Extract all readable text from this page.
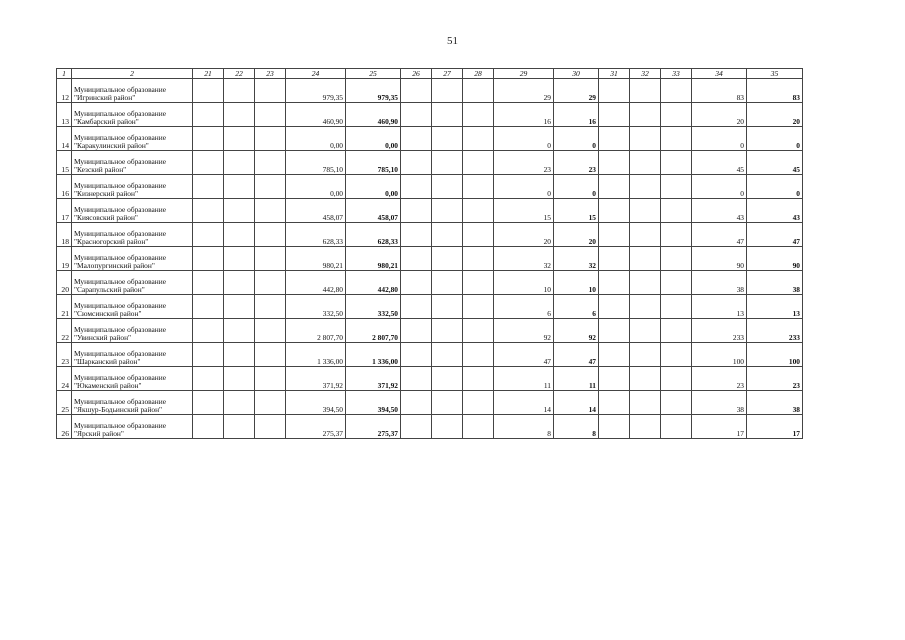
51
1	2	21	22	23	24	25	26	27	28	29	30	31	32	33	34	35
12	Муниципальное образование
"Игринский район"				979,35	979,35				29	29				83	83
13	Муниципальное образование
"Камбарский район"				460,90	460,90				16	16				20	20
14	Муниципальное образование
"Каракулинский район"				0,00	0,00				0	0				0	0
15	Муниципальное образование
"Кезский район"				785,10	785,10				23	23				45	45
16	Муниципальное образование
"Кизнерский район"				0,00	0,00				0	0				0	0
17	Муниципальное образование
"Киясовский район"				458,07	458,07				15	15				43	43
18	Муниципальное образование
"Красногорский район"				628,33	628,33				20	20				47	47
19	Муниципальное образование
"Малопургинский район"				980,21	980,21				32	32				90	90
20	Муниципальное образование
"Сарапульский район"				442,80	442,80				10	10				38	38
21	Муниципальное образование
"Сюмсинский район"				332,50	332,50				6	6				13	13
22	Муниципальное образование
"Увинский район"				2 807,70	2 807,70				92	92				233	233
23	Муниципальное образование
"Шарканский район"				1 336,00	1 336,00				47	47				100	100
24	Муниципальное образование
"Юкаменский район"				371,92	371,92				11	11				23	23
25	Муниципальное образование
"Якшур-Бодьинский район"				394,50	394,50				14	14				38	38
26	Муниципальное образование
"Ярский район"				275,37	275,37				8	8				17	17
